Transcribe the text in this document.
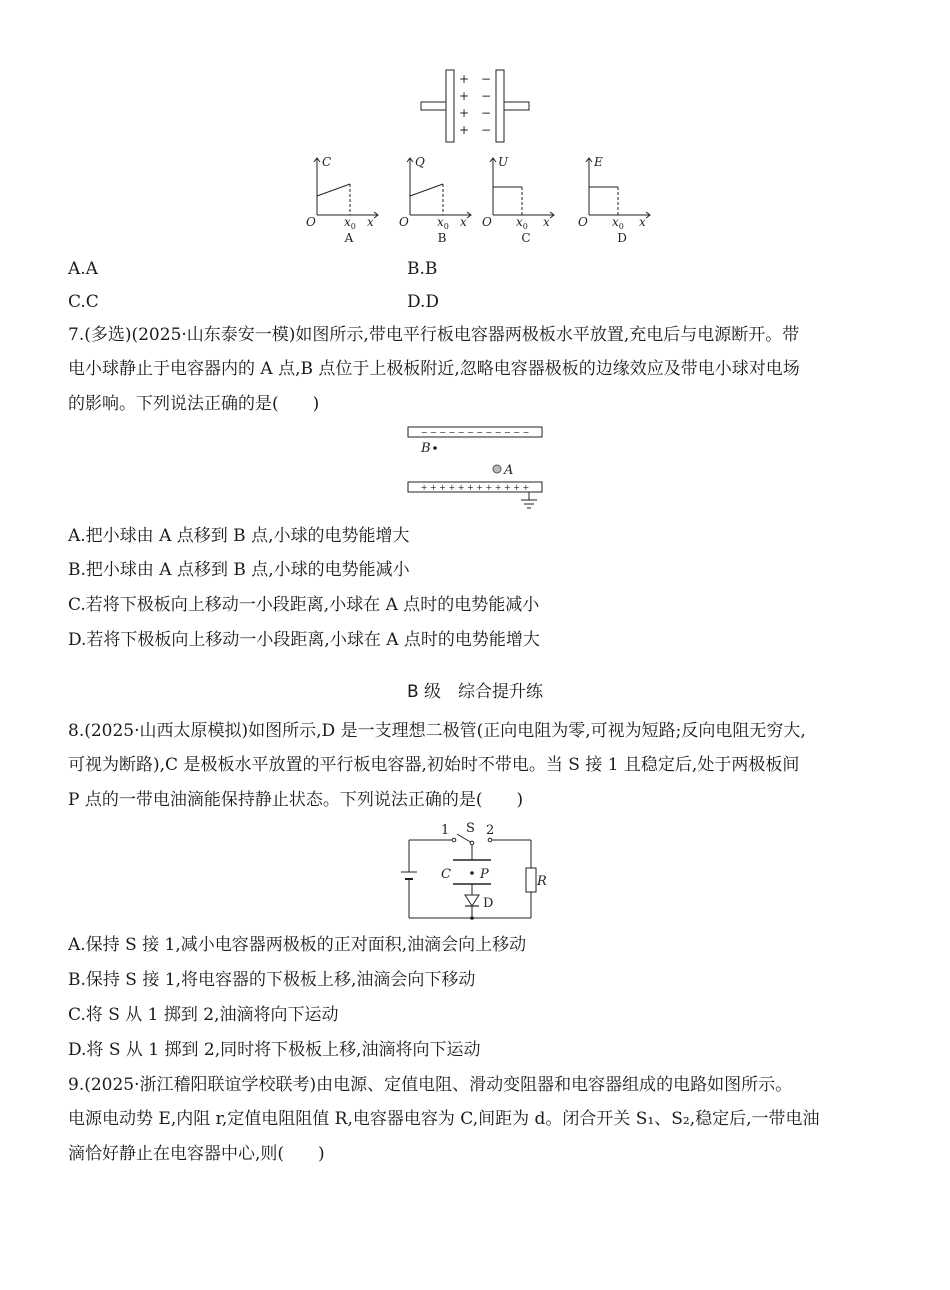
+
+
+
+
−
−
−
−
C
O $x_0$ x
Q
O $x_0$ x
U
O $x_0$ x
E
O $x_0$ x
A	B	C	D
A.A	B.B
C.C	D.D
7.(多选)(2025·山东泰安一模)如图所示,带电平行板电容器两极板水平放置,充电后与电源断开。带
电小球静止于电容器内的 A 点,B 点位于上极板附近,忽略电容器极板的边缘效应及带电小球对电场
的影响。下列说法正确的是(　　)
− − − − − − − − − − − −
B
A
+ + + + + + + + + + + +
A.把小球由 A 点移到 B 点,小球的电势能增大
B.把小球由 A 点移到 B 点,小球的电势能减小
C.若将下极板向上移动一小段距离,小球在 A 点时的电势能减小
D.若将下极板向上移动一小段距离,小球在 A 点时的电势能增大
B 级　综合提升练
8.(2025·山西太原模拟)如图所示,D 是一支理想二极管(正向电阻为零,可视为短路;反向电阻无穷大,
可视为断路),C 是极板水平放置的平行板电容器,初始时不带电。当 S 接 1 且稳定后,处于两极板间
P 点的一带电油滴能保持静止状态。下列说法正确的是(　　)
1 S 2
C P	R
D
A.保持 S 接 1,减小电容器两极板的正对面积,油滴会向上移动
B.保持 S 接 1,将电容器的下极板上移,油滴会向下移动
C.将 S 从 1 掷到 2,油滴将向下运动
D.将 S 从 1 掷到 2,同时将下极板上移,油滴将向下运动
9.(2025·浙江稽阳联谊学校联考)由电源、定值电阻、滑动变阻器和电容器组成的电路如图所示。
电源电动势 E,内阻 r,定值电阻阻值 R,电容器电容为 C,间距为 d。闭合开关 S₁、S₂,稳定后,一带电油
滴恰好静止在电容器中心,则(　　)
